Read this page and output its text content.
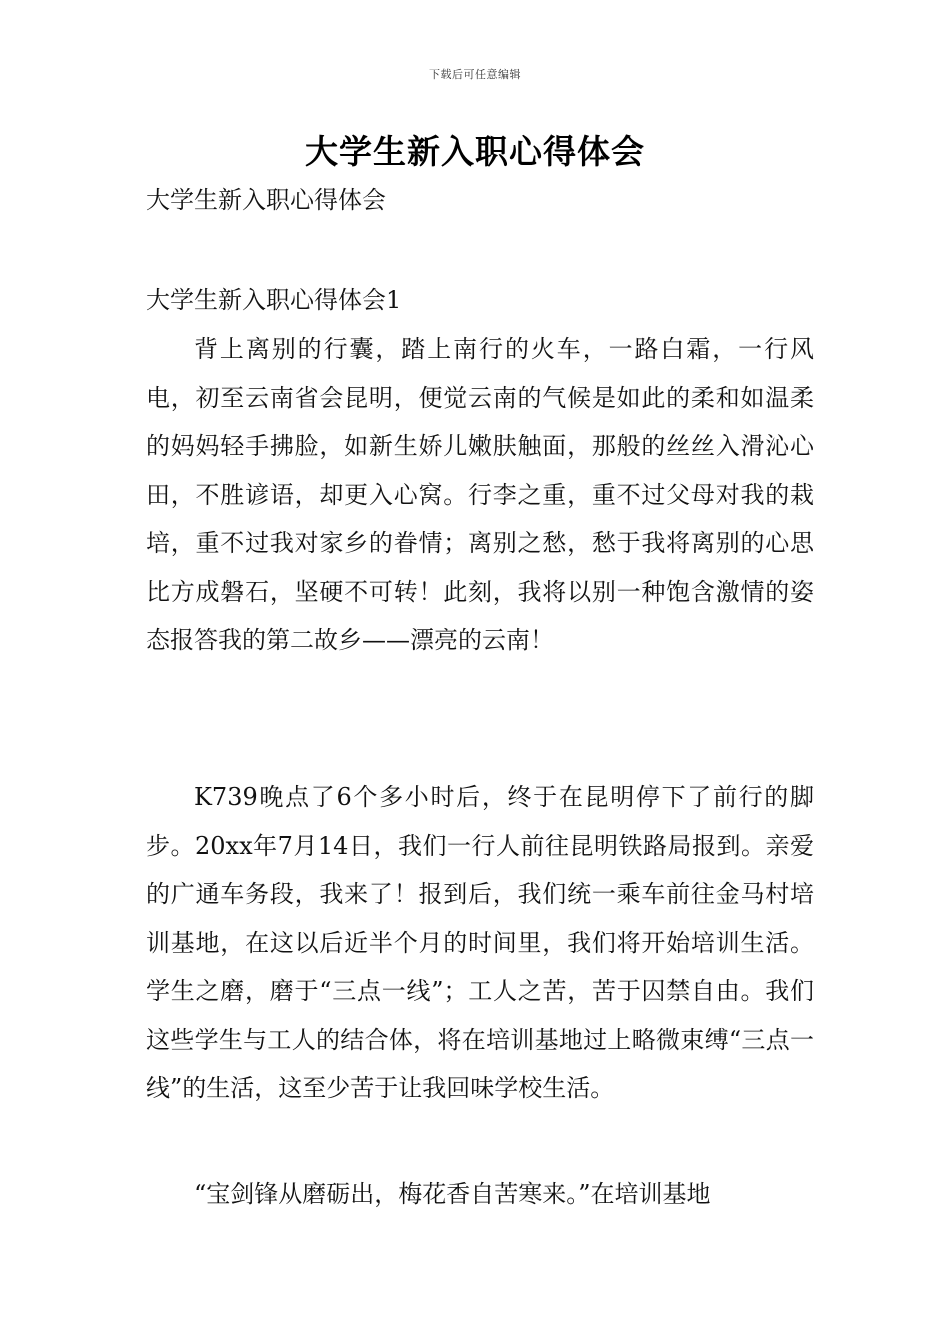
下载后可任意编辑
大学生新入职心得体会
大学生新入职心得体会
大学生新入职心得体会1

背上离别的行囊，踏上南行的火车，一路白霜，一行风电，初至云南省会昆明，便觉云南的气候是如此的柔和如温柔的妈妈轻手拂脸，如新生娇儿嫩肤触面，那般的丝丝入滑沁心田，不胜谚语，却更入心窝。行李之重，重不过父母对我的栽培，重不过我对家乡的眷情；离别之愁，愁于我将离别的心思比方成磐石，坚硬不可转！此刻，我将以别一种饱含激情的姿态报答我的第二故乡——漂亮的云南！

K739晚点了6个多小时后，终于在昆明停下了前行的脚步。20xx年7月14日，我们一行人前往昆明铁路局报到。亲爱的广通车务段，我来了！报到后，我们统一乘车前往金马村培训基地，在这以后近半个月的时间里，我们将开始培训生活。学生之磨，磨于“三点一线”；工人之苦，苦于囚禁自由。我们这些学生与工人的结合体，将在培训基地过上略微束缚“三点一线”的生活，这至少苦于让我回味学校生活。

“宝剑锋从磨砺出，梅花香自苦寒来。”在培训基地
